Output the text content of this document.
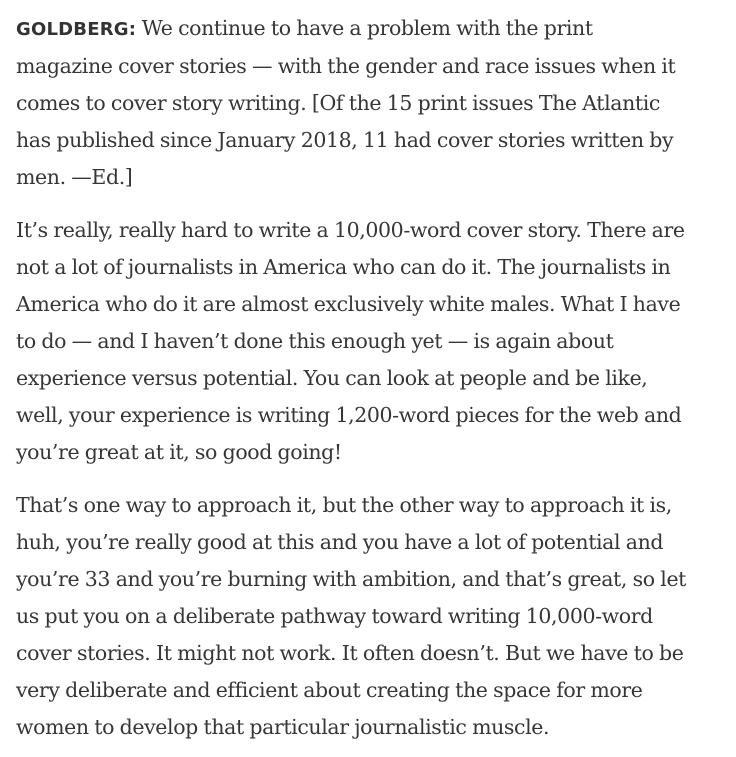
GOLDBERG: We continue to have a problem with the print
magazine cover stories — with the gender and race issues when it
comes to cover story writing. [Of the 15 print issues The Atlantic
has published since January 2018, 11 had cover stories written by
men. —Ed.]

It’s really, really hard to write a 10,000-word cover story. There are
not a lot of journalists in America who can do it. The journalists in
America who do it are almost exclusively white males. What I have
to do — and I haven’t done this enough yet — is again about
experience versus potential. You can look at people and be like,
well, your experience is writing 1,200-word pieces for the web and
you’re great at it, so good going!

That’s one way to approach it, but the other way to approach it is,
huh, you’re really good at this and you have a lot of potential and
you’re 33 and you’re burning with ambition, and that’s great, so let
us put you on a deliberate pathway toward writing 10,000-word
cover stories. It might not work. It often doesn’t. But we have to be
very deliberate and efficient about creating the space for more
women to develop that particular journalistic muscle.
